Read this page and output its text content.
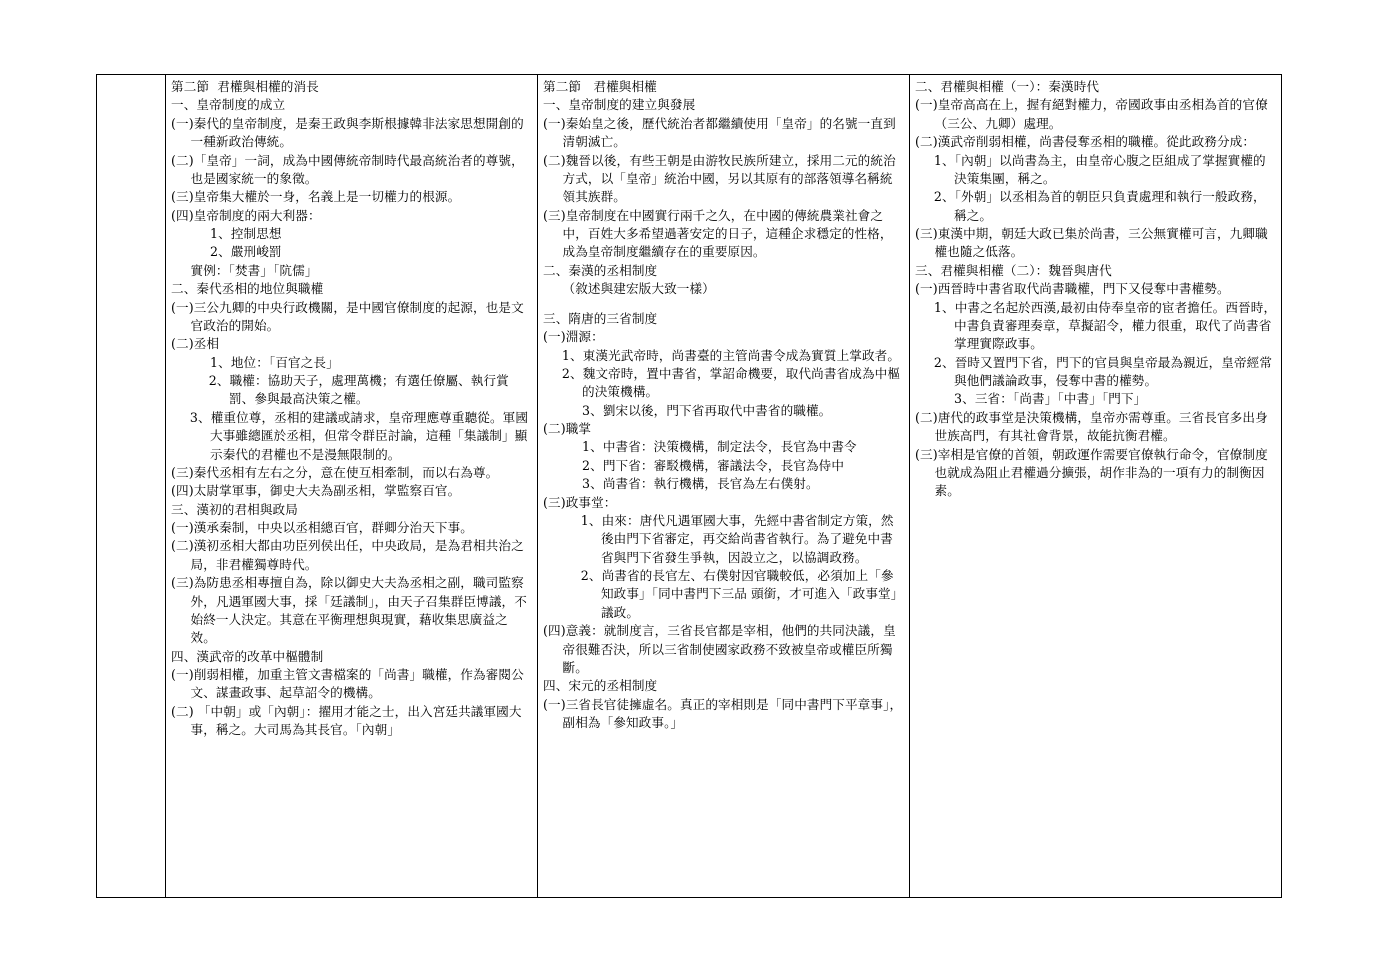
第二節  君權與相權的消長
一、皇帝制度的成立
(一)秦代的皇帝制度，是秦王政與李斯根據韓非法家思想開創的一種新政治傳統。
(二)「皇帝」一詞，成為中國傳統帝制時代最高統治者的尊號，也是國家統一的象徵。
(三)皇帝集大權於一身，名義上是一切權力的根源。
(四)皇帝制度的兩大利器：
1、控制思想
2、嚴刑峻罰
實例：「焚書」「阬儒」
二、秦代丞相的地位與職權
(一)三公九卿的中央行政機關，是中國官僚制度的起源，也是文官政治的開始。
(二)丞相
1、地位：「百官之長」
2、職權：協助天子，處理萬機；有選任僚屬、執行賞罰、參與最高決策之權。
3、權重位尊，丞相的建議或請求，皇帝理應尊重聽從。軍國大事雖總匯於丞相，但常令群臣討論，這種「集議制」顯示秦代的君權也不是漫無限制的。
(三)秦代丞相有左右之分，意在使互相牽制，而以右為尊。
(四)太尉掌軍事，御史大夫為副丞相，掌監察百官。
三、漢初的君相與政局
(一)漢承秦制，中央以丞相總百官，群卿分治天下事。
(二)漢初丞相大都由功臣列侯出任，中央政局，是為君相共治之局，非君權獨尊時代。
(三)為防患丞相專擅自為，除以御史大夫為丞相之副，職司監察外，凡遇軍國大事，採「廷議制」，由天子召集群臣博議，不始終一人決定。其意在平衡理想與現實，藉收集思廣益之效。
四、漢武帝的改革中樞體制
(一)削弱相權，加重主管文書檔案的「尚書」職權，作為審閱公文、謀畫政事、起草詔令的機構。
(二) 「中朝」或「內朝」：擢用才能之士，出入宮廷共議軍國大事，稱之。大司馬為其長官。「內朝」

第二節   君權與相權
一、皇帝制度的建立與發展
(一)秦始皇之後，歷代統治者都繼續使用「皇帝」的名號一直到清朝滅亡。
(二)魏晉以後，有些王朝是由游牧民族所建立，採用二元的統治方式，以「皇帝」統治中國，另以其原有的部落領導名稱統領其族群。
(三)皇帝制度在中國實行兩千之久，在中國的傳統農業社會之中，百姓大多希望過著安定的日子，這種企求穩定的性格，成為皇帝制度繼續存在的重要原因。
二、秦漢的丞相制度
（敘述與建宏版大致一樣）
三、隋唐的三省制度
(一)淵源：
1、東漢光武帝時，尚書臺的主管尚書令成為實質上掌政者。
2、魏文帝時，置中書省，掌詔命機要，取代尚書省成為中樞的決策機構。
3、劉宋以後，門下省再取代中書省的職權。
(二)職掌
1、中書省：決策機構，制定法令，長官為中書令
2、門下省：審駁機構，審議法令，長官為侍中
3、尚書省：執行機構，長官為左右僕射。
(三)政事堂：
1、由來：唐代凡遇軍國大事，先經中書省制定方策，然後由門下省審定，再交給尚書省執行。為了避免中書省與門下省發生爭執，因設立之，以協調政務。
2、尚書省的長官左、右僕射因官職較低，必須加上「參知政事」「同中書門下三品 頭銜，才可進入「政事堂」議政。
(四)意義：就制度言，三省長官都是宰相，他們的共同決議，皇帝很難否決，所以三省制使國家政務不致被皇帝或權臣所獨斷。
四、宋元的丞相制度
(一)三省長官徒擁虛名。真正的宰相則是「同中書門下平章事」，副相為「參知政事。」

二、君權與相權（一）：秦漢時代
(一)皇帝高高在上，握有絕對權力，帝國政事由丞相為首的官僚（三公、九卿）處理。
(二)漢武帝削弱相權，尚書侵奪丞相的職權。從此政務分成：
1、「內朝」以尚書為主，由皇帝心腹之臣組成了掌握實權的決策集團，稱之。
2、「外朝」以丞相為首的朝臣只負責處理和執行一般政務，稱之。
(三)東漢中期，朝廷大政已集於尚書，三公無實權可言，九卿職權也隨之低落。
三、君權與相權（二）：魏晉與唐代
(一)西晉時中書省取代尚書職權，門下又侵奪中書權勢。
1、中書之名起於西漢,最初由侍奉皇帝的宦者擔任。西晉時，中書負責審理奏章，草擬詔令，權力很重，取代了尚書省掌理實際政事。
2、晉時又置門下省，門下的官員與皇帝最為親近，皇帝經常與他們議論政事，侵奪中書的權勢。
3、三省：「尚書」「中書」「門下」
(二)唐代的政事堂是決策機構，皇帝亦需尊重。三省長官多出身世族高門，有其社會背景，故能抗衡君權。
(三)宰相是官僚的首領，朝政運作需要官僚執行命令，官僚制度也就成為阻止君權過分擴張，胡作非為的一項有力的制衡因素。
